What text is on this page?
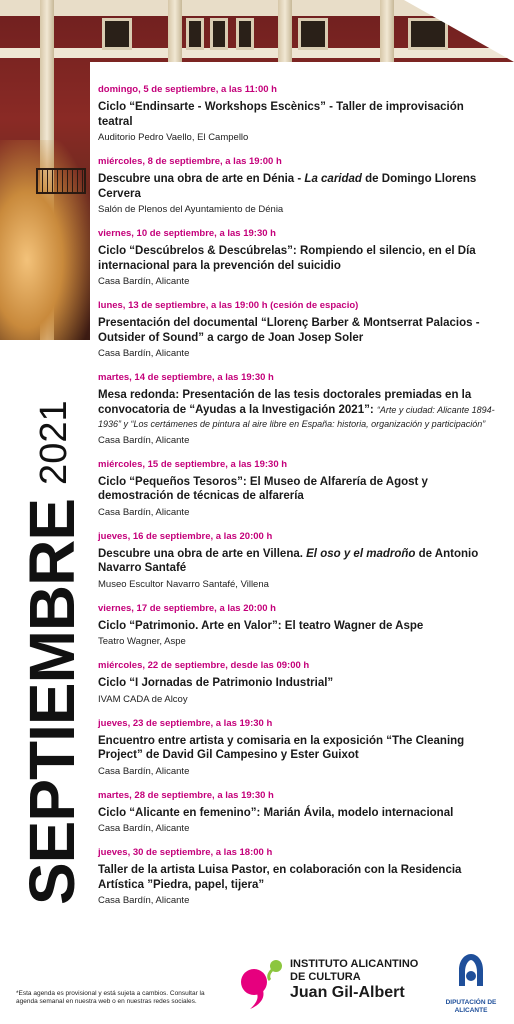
SEPTIEMBRE
2021
domingo, 5 de septiembre, a las 11:00 h
Ciclo “Endinsarte - Workshops Escènics” - Taller de improvisación teatral
Auditorio Pedro Vaello, El Campello
miércoles, 8 de septiembre, a las 19:00 h
Descubre una obra de arte en Dénia - La caridad de Domingo Llorens Cervera
Salón de Plenos del Ayuntamiento de Dénia
viernes, 10 de septiembre, a las 19:30 h
Ciclo “Descúbrelos & Descúbrelas”: Rompiendo el silencio, en el Día internacional para la prevención del suicidio
Casa Bardín, Alicante
lunes, 13 de septiembre, a las 19:00 h (cesión de espacio)
Presentación del documental “Llorenç Barber & Montserrat Palacios - Outsider of Sound” a cargo de Joan Josep Soler
Casa Bardín, Alicante
martes, 14 de septiembre, a las 19:30 h
Mesa redonda: Presentación de las tesis doctorales premiadas en la convocatoria de “Ayudas a la Investigación 2021”: “Arte y ciudad: Alicante 1894-1936” y “Los certámenes de pintura al aire libre en España: historia, organización y participación”
Casa Bardín, Alicante
miércoles, 15 de septiembre, a las 19:30 h
Ciclo “Pequeños Tesoros”: El Museo de Alfarería de Agost y demostración de técnicas de alfarería
Casa Bardín, Alicante
jueves, 16 de septiembre, a las 20:00 h
Descubre una obra de arte en Villena. El oso y el madroño de Antonio Navarro Santafé
Museo Escultor Navarro Santafé, Villena
viernes, 17 de septiembre, a las 20:00 h
Ciclo “Patrimonio. Arte en Valor”: El teatro Wagner de Aspe
Teatro Wagner, Aspe
miércoles, 22 de septiembre, desde las 09:00 h
Ciclo “I Jornadas de Patrimonio Industrial”
IVAM CADA de Alcoy
jueves, 23 de septiembre, a las 19:30 h
Encuentro entre artista y comisaria en la exposición “The Cleaning Project” de David Gil Campesino y Ester Guixot
Casa Bardín, Alicante
martes, 28 de septiembre, a las 19:30 h
Ciclo “Alicante en femenino”: Marián Ávila, modelo internacional
Casa Bardín, Alicante
jueves, 30 de septiembre, a las 18:00 h
Taller de la artista Luisa Pastor, en colaboración con la Residencia Artística ”Piedra, papel, tijera”
Casa Bardín, Alicante
*Esta agenda es provisional y está sujeta a cambios. Consultar la agenda semanal en nuestra web o en nuestras redes sociales.
INSTITUTO ALICANTINO DE CULTURA
Juan Gil-Albert
DIPUTACIÓN DE ALICANTE
